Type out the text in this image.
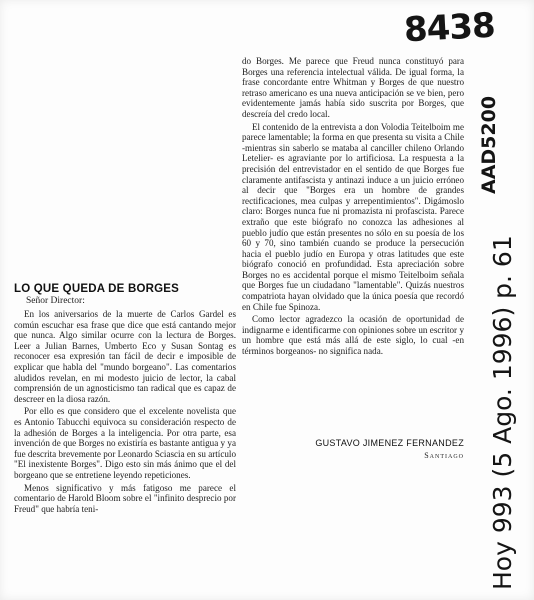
8438
AAD5200
Hoy 993 (5 Ago. 1996) p. 61
LO QUE QUEDA DE BORGES
Señor Director:

En los aniversarios de la muerte de Carlos Gardel es común escuchar esa frase que dice que está cantando mejor que nunca. Algo similar ocurre con la lectura de Borges. Leer a Julian Barnes, Umberto Eco y Susan Sontag es reconocer esa expresión tan fácil de decir e imposible de explicar que habla del "mundo borgeano". Las comentarios aludidos revelan, en mi modesto juicio de lector, la cabal comprensión de un agnosticismo tan radical que es capaz de descreer en la diosa razón.

Por ello es que considero que el excelente novelista que es Antonio Tabucchi equivoca su consideración respecto de la adhesión de Borges a la inteligencia. Por otra parte, esa invención de que Borges no existiría es bastante antigua y ya fue descrita brevemente por Leonardo Sciascia en su artículo "El inexistente Borges". Digo esto sin más ánimo que el del borgeano que se entretiene leyendo repeticiones.

Menos significativo y más fatigoso me parece el comentario de Harold Bloom sobre el "infinito desprecio por Freud" que habría teni-

do Borges. Me parece que Freud nunca constituyó para Borges una referencia intelectual válida. De igual forma, la frase concordante entre Whitman y Borges de que nuestro retraso americano es una nueva anticipación se ve bien, pero evidentemente jamás había sido suscrita por Borges, que descreía del credo local.

El contenido de la entrevista a don Volodia Teitelboim me parece lamentable; la forma en que presenta su visita a Chile -mientras sin saberlo se mataba al canciller chileno Orlando Letelier- es agraviante por lo artificiosa. La respuesta a la precisión del entrevistador en el sentido de que Borges fue claramente antifascista y antinazi induce a un juicio erróneo al decir que "Borges era un hombre de grandes rectificaciones, mea culpas y arrepentimientos". Digámoslo claro: Borges nunca fue ni promazista ni profascista. Parece extraño que este biógrafo no conozca las adhesiones al pueblo judío que están presentes no sólo en su poesía de los 60 y 70, sino también cuando se produce la persecución hacia el pueblo judío en Europa y otras latitudes que este biógrafo conoció en profundidad. Esta apreciación sobre Borges no es accidental porque el mismo Teitelboim señala que Borges fue un ciudadano "lamentable". Quizás nuestros compatriota hayan olvidado que la única poesía que recordó en Chile fue Spinoza.

Como lector agradezco la ocasión de oportunidad de indignarme e identificarme con opiniones sobre un escritor y un hombre que está más allá de este siglo, lo cual -en términos borgeanos- no significa nada.

GUSTAVO JIMENEZ FERNANDEZ
Santiago
